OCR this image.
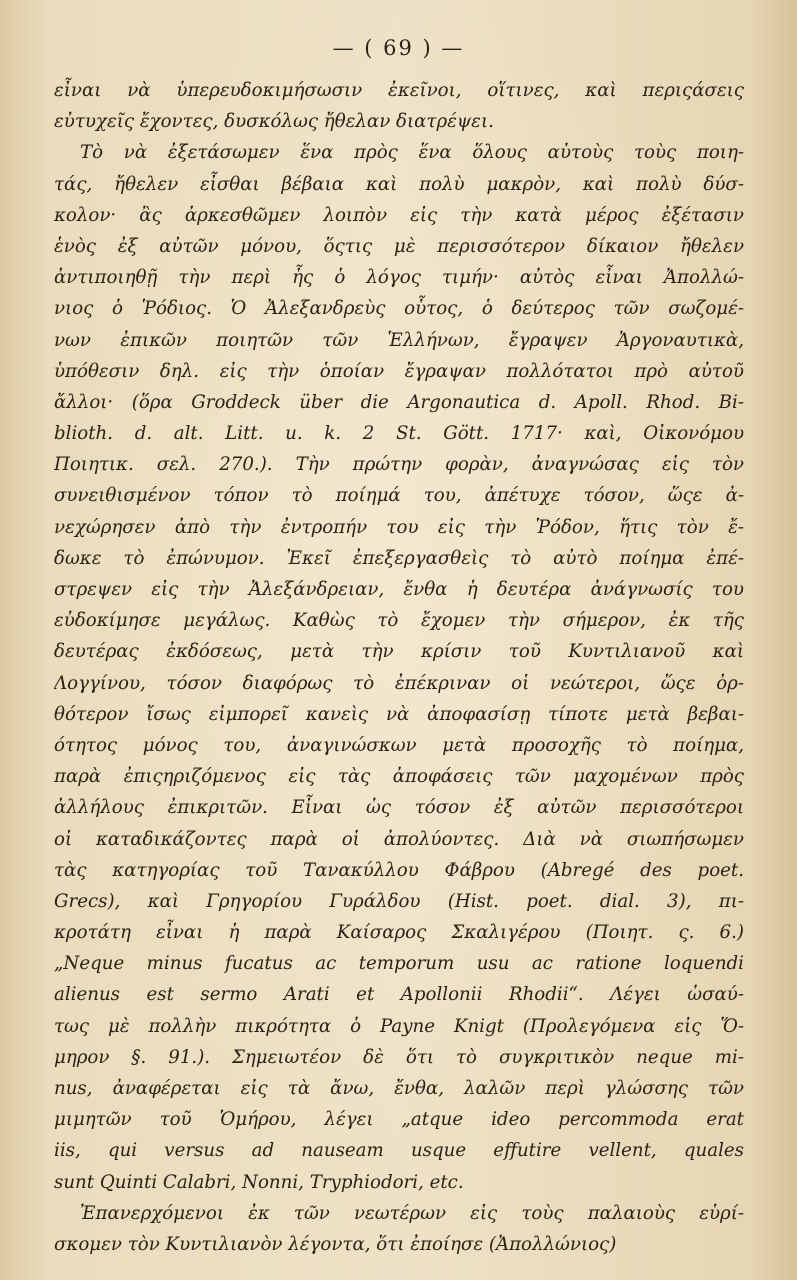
— ( 69 ) —
εἶναι νὰ ὑπερευδοκιμήσωσιν ἐκεῖνοι, οἵτινες, καὶ περιςάσεις
εὐτυχεῖς ἔχοντες, δυσκόλως ἤθελαν διατρέψει.
Τὸ νὰ ἐξετάσωμεν ἕνα πρὸς ἕνα ὅλους αὐτοὺς τοὺς ποιη-
τάς, ἤθελεν εἶσθαι βέβαια καὶ πολὺ μακρὸν, καὶ πολὺ δύσ-
κολον· ἂς ἀρκεσθῶμεν λοιπὸν εἰς τὴν κατὰ μέρος ἐξέτασιν
ἑνὸς ἐξ αὐτῶν μόνου, ὅςτις μὲ περισσότερον δίκαιον ἤθελεν
ἀντιποιηθῇ τὴν περὶ ἧς ὁ λόγος τιμήν· αὐτὸς εἶναι Ἀπολλώ-
νιος ὁ Ῥόδιος. Ὁ Ἀλεξανδρεὺς οὗτος, ὁ δεύτερος τῶν σωζομέ-
νων ἐπικῶν ποιητῶν τῶν Ἑλλήνων, ἔγραψεν Ἀργοναυτικὰ,
ὑπόθεσιν δηλ. εἰς τὴν ὁποίαν ἔγραψαν πολλότατοι πρὸ αὐτοῦ
ἄλλοι· (ὅρα Groddeck über die Argonautica d. Apoll. Rhod. Bi-
blioth. d. alt. Litt. u. k. 2 St. Gött. 1717· καὶ, Οἰκονόμου
Ποιητικ. σελ. 270.). Τὴν πρώτην φορὰν, ἀναγνώσας εἰς τὸν
συνειθισμένον τόπον τὸ ποίημά του, ἀπέτυχε τόσον, ὥςε ἀ-
νεχώρησεν ἀπὸ τὴν ἐντροπήν του εἰς τὴν Ῥόδον, ἥτις τὸν ἔ-
δωκε τὸ ἐπώνυμον. Ἐκεῖ ἐπεξεργασθεὶς τὸ αὐτὸ ποίημα ἐπέ-
στρεψεν εἰς τὴν Ἀλεξάνδρειαν, ἔνθα ἡ δευτέρα ἀνάγνωσίς του
εὐδοκίμησε μεγάλως. Καθὼς τὸ ἔχομεν τὴν σήμερον, ἐκ τῆς
δευτέρας ἐκδόσεως, μετὰ τὴν κρίσιν τοῦ Κυντιλιανοῦ καὶ
Λογγίνου, τόσον διαφόρως τὸ ἐπέκριναν οἱ νεώτεροι, ὥςε ὀρ-
θότερον ἴσως εἰμπορεῖ κανεὶς νὰ ἀποφασίσῃ τίποτε μετὰ βεβαι-
ότητος μόνος του, ἀναγινώσκων μετὰ προσοχῆς τὸ ποίημα,
παρὰ ἐπιςηριζόμενος εἰς τὰς ἀποφάσεις τῶν μαχομένων πρὸς
ἀλλήλους ἐπικριτῶν. Εἶναι ὡς τόσον ἐξ αὐτῶν περισσότεροι
οἱ καταδικάζοντες παρὰ οἱ ἀπολύοντες. Διὰ νὰ σιωπήσωμεν
τὰς κατηγορίας τοῦ Τανακύλλου Φάβρου (Abregé des poet.
Grecs), καὶ Γρηγορίου Γυράλδου (Hist. poet. dial. 3), πι-
κροτάτη εἶναι ἡ παρὰ Καίσαρος Σκαλιγέρου (Ποιητ. ς. 6.)
„Neque minus fucatus ac temporum usu ac ratione loquendi
alienus est sermo Arati et Apollonii Rhodii“. Λέγει ὡσαύ-
τως μὲ πολλὴν πικρότητα ὁ Payne Knigt (Προλεγόμενα εἰς Ὅ-
μηρον §. 91.). Σημειωτέον δὲ ὅτι τὸ συγκριτικὸν neque mi-
nus, ἀναφέρεται εἰς τὰ ἄνω, ἔνθα, λαλῶν περὶ γλώσσης τῶν
μιμητῶν τοῦ Ὁμήρου, λέγει „atque ideo percommoda erat
iis, qui versus ad nauseam usque effutire vellent, quales
sunt Quinti Calabri, Nonni, Tryphiodori, etc.
Ἐπανερχόμενοι ἐκ τῶν νεωτέρων εἰς τοὺς παλαιοὺς εὑρί-
σκομεν τὸν Κυντιλιανὸν λέγοντα, ὅτι ἐποίησε (Ἀπολλώνιος)
